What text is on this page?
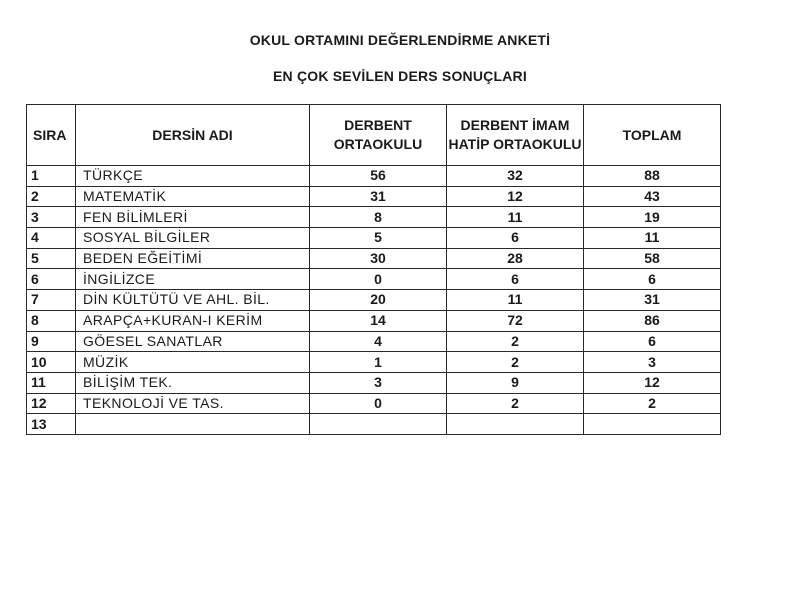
OKUL ORTAMINI DEĞERLENDİRME ANKETİ
EN ÇOK SEVİLEN DERS SONUÇLARI
SIRA	DERSİN ADI	DERBENT ORTAOKULU	DERBENT İMAM HATİP ORTAOKULU	TOPLAM
1	TÜRKÇE	56	32	88
2	MATEMATİK	31	12	43
3	FEN BİLİMLERİ	8	11	19
4	SOSYAL BİLGİLER	5	6	11
5	BEDEN EĞEİTİMİ	30	28	58
6	İNGİLİZCE	0	6	6
7	DİN KÜLTÜTÜ VE AHL. BİL.	20	11	31
8	ARAPÇA+KURAN-I KERİM	14	72	86
9	GÖESEL SANATLAR	4	2	6
10	MÜZİK	1	2	3
11	BİLİŞİM TEK.	3	9	12
12	TEKNOLOJİ VE TAS.	0	2	2
13				
